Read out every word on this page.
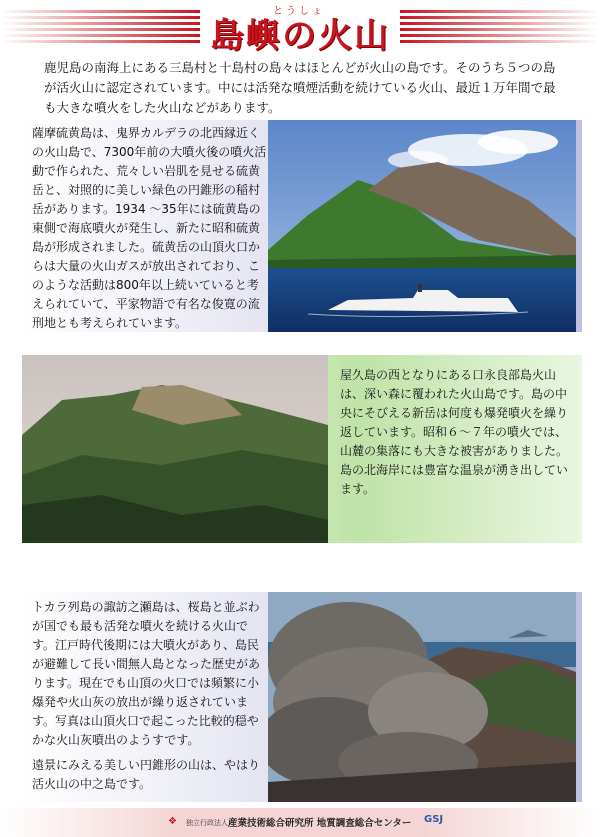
とうしょ
島嶼の火山

鹿児島の南海上にある三島村と十島村の島々はほとんどが火山の島です。そのうち５つの島が活火山に認定されています。中には活発な噴煙活動を続けている火山、最近１万年間で最も大きな噴火をした火山などがあります。

薩摩硫黄島は、鬼界カルデラの北西縁近くの火山島で、7300年前の大噴火後の噴火活動で作られた、荒々しい岩肌を見せる硫黄岳と、対照的に美しい緑色の円錐形の稲村岳があります。1934 ～35年には硫黄島の東側で海底噴火が発生し、新たに昭和硫黄島が形成されました。硫黄岳の山頂火口からは大量の火山ガスが放出されており、このような活動は800年以上続いていると考えられていて、平家物語で有名な俊寛の流刑地とも考えられています。

屋久島の西となりにある口永良部島火山は、深い森に覆われた火山島です。島の中央にそびえる新岳は何度も爆発噴火を繰り返しています。昭和６～７年の噴火では、山麓の集落にも大きな被害がありました。島の北海岸には豊富な温泉が湧き出しています。

トカラ列島の諏訪之瀬島は、桜島と並ぶわが国でも最も活発な噴火を続ける火山です。江戸時代後期には大噴火があり、島民が避難して長い間無人島となった歴史があります。現在でも山頂の火口では頻繁に小爆発や火山灰の放出が繰り返されています。写真は山頂火口で起こった比較的穏やかな火山灰噴出のようすです。

遠景にみえる美しい円錐形の山は、やはり活火山の中之島です。

❖ 独立行政法人 産業技術総合研究所 地質調査総合センター GSJ
